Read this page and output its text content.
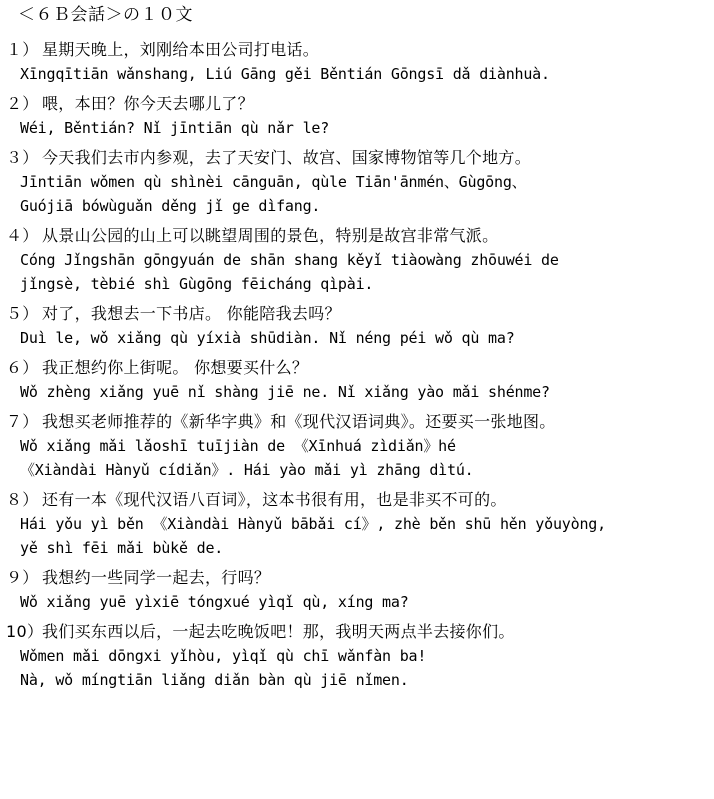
＜６Ｂ会話＞の１０文
１） 星期天晚上，刘刚给本田公司打电话。
Xīngqītiān wǎnshang, Liú Gāng gěi Běntián Gōngsī dǎ diànhuà.
２） 喂，本田？你今天去哪儿了？
Wéi, Běntián? Nǐ jīntiān qù nǎr le?
３） 今天我们去市内参观，去了天安门、故宫、国家博物馆等几个地方。
Jīntiān wǒmen qù shìnèi cānguān, qùle Tiān'ānmén、Gùgōng、
Guójiā bówùguǎn děng jǐ ge dìfang.
４） 从景山公园的山上可以眺望周围的景色，特别是故宫非常气派。
Cóng Jǐngshān gōngyuán de shān shang kěyǐ tiàowàng zhōuwéi de
jǐngsè, tèbié shì Gùgōng fēicháng qìpài.
５） 对了，我想去一下书店。 你能陪我去吗？
Duì le, wǒ xiǎng qù yíxià shūdiàn. Nǐ néng péi wǒ qù ma?
６） 我正想约你上街呢。 你想要买什么？
Wǒ zhèng xiǎng yuē nǐ shàng jiē ne. Nǐ xiǎng yào mǎi shénme?
７） 我想买老师推荐的《新华字典》和《现代汉语词典》。还要买一张地图。
Wǒ xiǎng mǎi lǎoshī tuījiàn de 《Xīnhuá zìdiǎn》hé
《Xiàndài Hànyǔ cídiǎn》. Hái yào mǎi yì zhāng dìtú.
８） 还有一本《现代汉语八百词》，这本书很有用，也是非买不可的。
Hái yǒu yì běn 《Xiàndài Hànyǔ bābǎi cí》, zhè běn shū hěn yǒuyòng,
yě shì fēi mǎi bùkě de.
９） 我想约一些同学一起去，行吗？
Wǒ xiǎng yuē yìxiē tóngxué yìqǐ qù, xíng ma?
10）我们买东西以后，一起去吃晚饭吧！那，我明天两点半去接你们。
Wǒmen mǎi dōngxi yǐhòu, yìqǐ qù chī wǎnfàn ba!
Nà, wǒ míngtiān liǎng diǎn bàn qù jiē nǐmen.
